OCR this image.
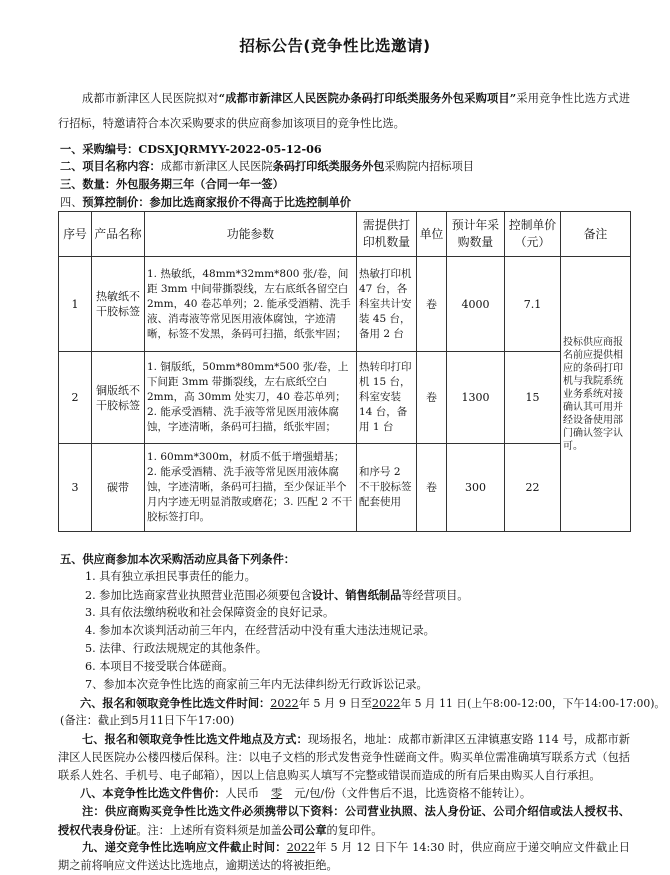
招标公告(竞争性比选邀请)
成都市新津区人民医院拟对“成都市新津区人民医院办条码打印纸类服务外包采购项目”采用竞争性比选方式进行招标，特邀请符合本次采购要求的供应商参加该项目的竞争性比选。
一、采购编号：CDSXJQRMYY-2022-05-12-06
二、项目名称内容：成都市新津区人民医院条码打印纸类服务外包采购院内招标项目
三、数量：外包服务期三年（合同一年一签）
四、预算控制价：参加比选商家报价不得高于比选控制单价
序号	产品名称	功能参数	需提供打印机数量	单位	预计年采购数量	控制单价（元）	备注
1	热敏纸不干胶标签	1. 热敏纸，48mm*32mm*800 张/卷，间距 3mm 中间带撕裂线，左右底纸各留空白 2mm，40 卷芯单列；2. 能承受酒精、洗手液、消毒液等常见医用液体腐蚀，字迹清晰，标签不发黑，条码可扫描，纸张牢固；	热敏打印机 47 台，各科室共计安装 45 台，备用 2 台	卷	4000	7.1	投标供应商报名前应提供相应的条码打印机与我院系统业务系统对接确认其可用并经设备使用部门确认签字认可。
2	铜版纸不干胶标签	1. 铜版纸，50mm*80mm*500 张/卷，上下间距 3mm 带撕裂线，左右底纸空白 2mm，高 30mm 处实刀，40 卷芯单列；2. 能承受酒精、洗手液等常见医用液体腐蚀，字迹清晰，条码可扫描，纸张牢固；	热转印打印机 15 台，科室安装 14 台，备用 1 台	卷	1300	15	
3	碳带	1. 60mm*300m，材质不低于增强蜡基；2. 能承受酒精、洗手液等常见医用液体腐蚀，字迹清晰，条码可扫描，至少保证半个月内字迹无明显消散或磨花；3. 匹配 2 不干胶标签打印。	和序号 2 不干胶标签配套使用	卷	300	22	
五、供应商参加本次采购活动应具备下列条件：
1. 具有独立承担民事责任的能力。
2. 参加比选商家营业执照营业范围必须要包含设计、销售纸制品等经营项目。
3. 具有依法缴纳税收和社会保障资金的良好记录。
4. 参加本次谈判活动前三年内，在经营活动中没有重大违法违规记录。
5. 法律、行政法规规定的其他条件。
6. 本项目不接受联合体磋商。
7、参加本次竞争性比选的商家前三年内无法律纠纷无行政诉讼记录。
六、报名和领取竞争性比选文件时间：2022年 5 月 9 日至2022年 5 月 11 日(上午8:00-12:00，下午14:00-17:00)。
(备注：截止到5月11日下午17:00)
七、报名和领取竞争性比选文件地点及方式：现场报名，地址：成都市新津区五津镇惠安路 114 号，成都市新津区人民医院办公楼四楼后保科。注：以电子文档的形式发售竞争性磋商文件。购买单位需准确填写联系方式（包括联系人姓名、手机号、电子邮箱），因以上信息购买人填写不完整或错误而造成的所有后果由购买人自行承担。
八、本竞争性比选文件售价：人民币 零 元/包/份（文件售后不退，比选资格不能转让）。
注：供应商购买竞争性比选文件必须携带以下资料：公司营业执照、法人身份证、公司介绍信或法人授权书、授权代表身份证。注：上述所有资料须是加盖公司公章的复印件。
九、递交竞争性比选响应文件截止时间：2022年 5 月 12 日下午 14:30 时，供应商应于递交响应文件截止日期之前将响应文件送达比选地点，逾期送达的将被拒绝。
